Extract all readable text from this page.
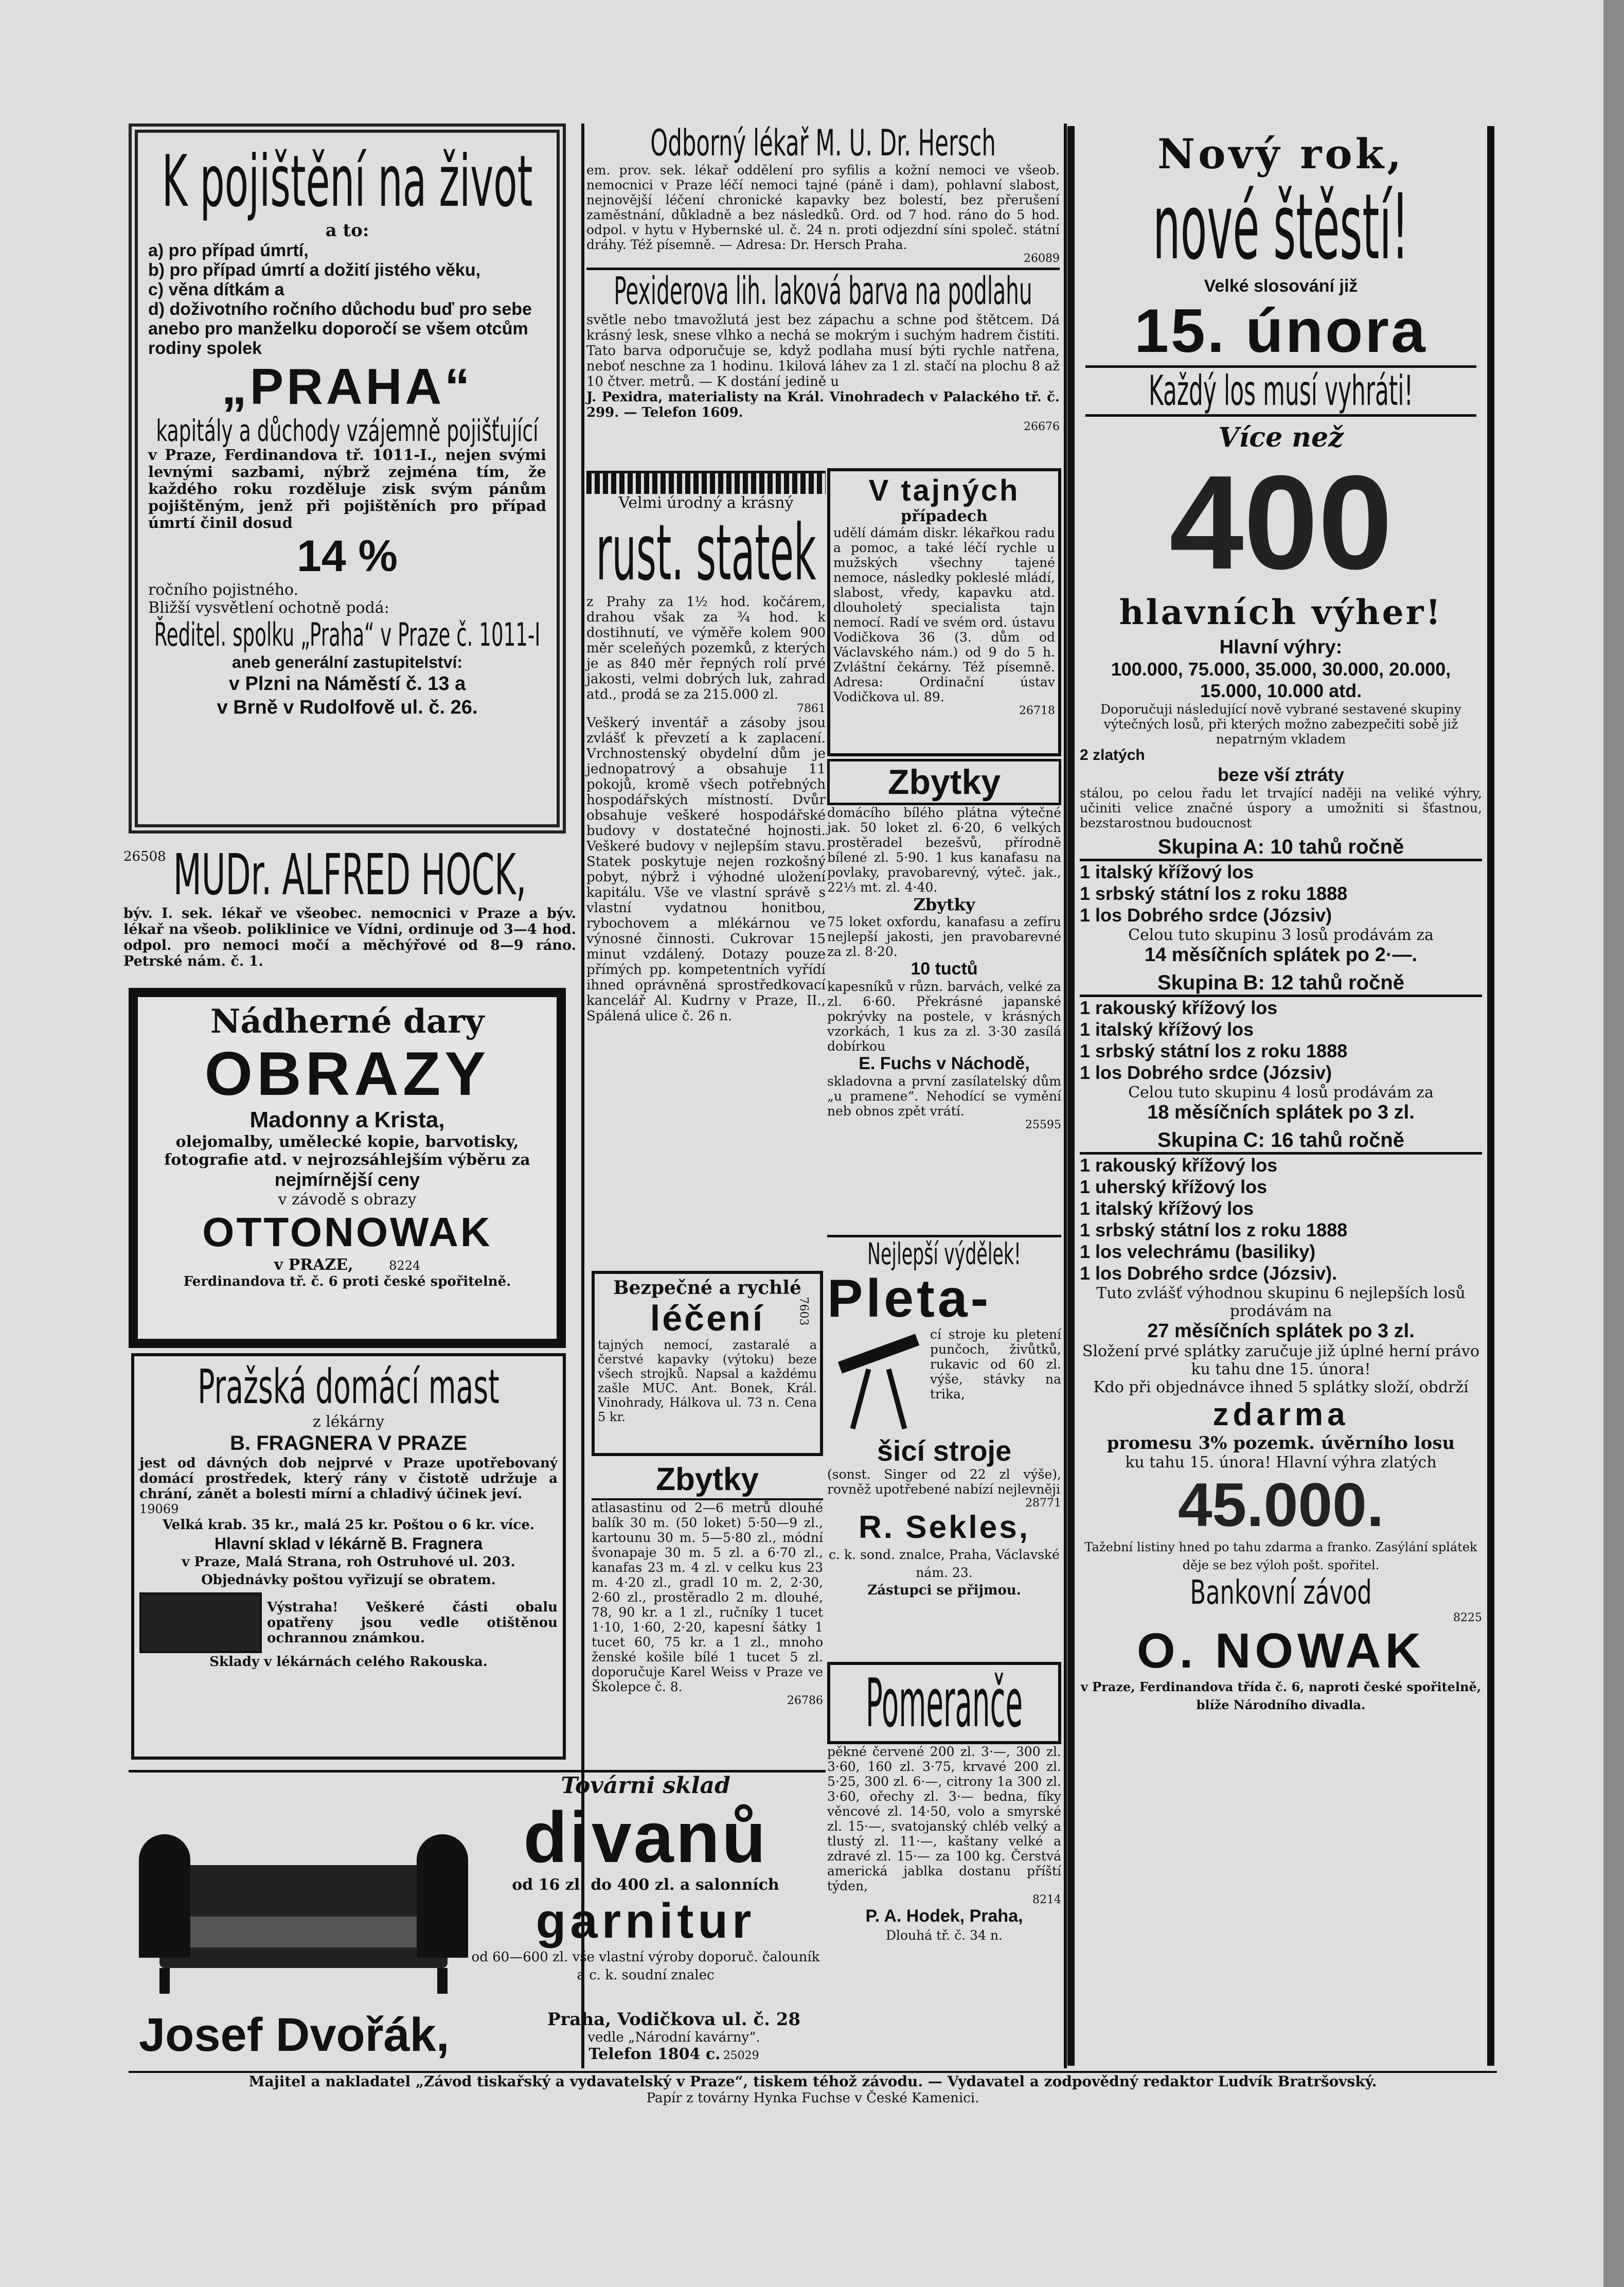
K pojištění na život
a to:
a) pro případ úmrtí,
b) pro případ úmrtí a dožití jistého věku,
c) věna dítkám a
d) doživotního ročního důchodu buď pro sebe anebo pro manželku doporočí se všem otcům rodiny spolek
„PRAHA“
kapitály a důchody vzájemně pojišťující
v Praze, Ferdinandova tř. 1011-I., nejen svými levnými sazbami, nýbrž zejména tím, že každého roku rozděluje zisk svým pánům pojištěným, jenž při pojištěních pro případ úmrtí činil dosud
14 %
ročního pojistného.
Bližší vysvětlení ochotně podá:
Ředitel. spolku „Praha“ v Praze č. 1011-I
aneb generální zastupitelství:
v Plzni na Náměstí č. 13 a
v Brně v Rudolfově ul. č. 26.
26508 MUDr. ALFRED HOCK,
býv. I. sek. lékař ve všeobec. nemocnici v Praze a býv. lékař na všeob. poliklinice ve Vídni, ordinuje od 3—4 hod. odpol. pro nemoci močí a měchýřové od 8—9 ráno. Petrské nám. č. 1.
Nádherné dary
OBRAZY
Madonny a Krista,
olejomalby, umělecké kopie, barvotisky, fotografie atd. v nejrozsáhlejším výběru za
nejmírnější ceny
v závodě s obrazy
OTTONOWAK
v PRAZE,	8224
Ferdinandova tř. č. 6 proti české spořitelně.
Pražská domácí mast
z lékárny
B. FRAGNERA V PRAZE
jest od dávných dob nejprvé v Praze upotřebovaný domácí prostředek, který rány v čistotě udržuje a chrání, zánět a bolesti mírní a chladivý účinek jeví.
19069
Velká krab. 35 kr., malá 25 kr. Poštou o 6 kr. více.
Hlavní sklad v lékárně B. Fragnera
v Praze, Malá Strana, roh Ostruhové ul. 203.
Objednávky poštou vyřizují se obratem.
Výstraha! Veškeré části obalu opatřeny jsou vedle otištěnou ochrannou známkou.
Sklady v lékárnách celého Rakouska.
Odborný lékař M. U. Dr. Hersch
em. prov. sek. lékař oddělení pro syfilis a kožní nemoci ve všeob. nemocnici v Praze léčí nemoci tajné (páně i dam), pohlavní slabost, nejnovější léčení chronické kapavky bez bolestí, bez přerušení zaměstnání, důkladně a bez následků. Ord. od 7 hod. ráno do 5 hod. odpol. v hytu v Hybernské ul. č. 24 n. proti odjezdní síni společ. státní dráhy. Též písemně. — Adresa: Dr. Hersch Praha.
26089
Pexiderova lih. laková barva na podlahu
světle nebo tmavožlutá jest bez zápachu a schne pod štětcem. Dá krásný lesk, snese vlhko a nechá se mokrým i suchým hadrem čistiti. Tato barva odporučuje se, když podlaha musí býti rychle natřena, neboť neschne za 1 hodinu. 1kilová láhev za 1 zl. stačí na plochu 8 až 10 čtver. metrů. — K dostání jedině u
J. Pexidra, materialisty na Král. Vinohradech v Palackého tř. č. 299. — Telefon 1609.
26676
Velmi úrodný a krásný
rust. statek
z Prahy za 1½ hod. kočárem, drahou však za ¾ hod. k dostihnutí, ve výměře kolem 900 měr sceleňých pozemků, z kterých je as 840 měr řepných rolí prvé jakosti, velmi dobrých luk, zahrad atd., prodá se za 215.000 zl.
7861
Veškerý inventář a zásoby jsou zvlášť k převzetí a k zaplacení. Vrchnostenský obydelní dům je jednopatrový a obsahuje 11 pokojů, kromě všech potřebných hospodářských místností. Dvůr obsahuje veškeré hospodářské budovy v dostatečné hojnosti. Veškeré budovy v nejlepším stavu. Statek poskytuje nejen rozkošný pobyt, nýbrž i výhodné uložení kapitálu. Vše ve vlastní správě s vlastní vydatnou honitbou, rybochovem a mlékárnou ve výnosné činnosti. Cukrovar 15 minut vzdálený. Dotazy pouze přímých pp. kompetentních vyřídí ihned oprávněná sprostředkovací kancelář Al. Kudrny v Praze, II., Spálená ulice č. 26 n.
V tajných
případech
udělí dámám diskr. lékařkou radu a pomoc, a také léčí rychle u mužských všechny tajené nemoce, následky pokleslé mládí, slabost, vředy, kapavku atd. dlouholetý specialista tajn nemocí. Radí ve svém ord. ústavu Vodičkova 36 (3. dům od Václavského nám.) od 9 do 5 h. Zvláštní čekárny. Též písemně. Adresa: Ordinační ústav Vodičkova ul. 89.
26718
Zbytky
domácího bílého plátna výtečné jak. 50 loket zl. 6·20, 6 velkých prostěradel bezešvů, přírodně bílené zl. 5·90. 1 kus kanafasu na povlaky, pravobarevný, výteč. jak., 22⅓ mt. zl. 4·40.
Zbytky
75 loket oxfordu, kanafasu a zefíru nejlepší jakosti, jen pravobarevné za zl. 8·20.
10 tuctů
kapesníků v různ. barvách, velké za zl. 6·60. Překrásné japanské pokrývky na postele, v krásných vzorkách, 1 kus za zl. 3·30 zasílá dobírkou
E. Fuchs v Náchodě,
skladovna a první zasílatelský dům „u pramene“. Nehodící se vymění neb obnos zpět vrátí.
25595
Nejlepší výdělek!
Pleta-
cí stroje ku pletení punčoch, živůtků, rukavic od 60 zl. výše, stávky na trika,
šicí stroje
(sonst. Singer od 22 zl výše), rovněž upotřebené nabízí nejlevněji
28771
R. Sekles,
c. k. sond. znalce, Praha, Václavské nám. 23.
Zástupci se přijmou.
Bezpečné a rychlé
léčení
tajných nemocí, zastaralé a čerstvé kapavky (výtoku) beze všech strojků. Napsal a každému zašle MUC. Ant. Bonek, Král. Vinohrady, Hálkova ul. 73 n. Cena 5 kr.
7603
Zbytky
atlasastinu od 2—6 metrů dlouhé balík 30 m. (50 loket) 5·50—9 zl., kartounu 30 m. 5—5·80 zl., módní švonapaje 30 m. 5 zl. a 6·70 zl., kanafas 23 m. 4 zl. v celku kus 23 m. 4·20 zl., gradl 10 m. 2, 2·30, 2·60 zl., prostěradlo 2 m. dlouhé, 78, 90 kr. a 1 zl., ručníky 1 tucet 1·10, 1·60, 2·20, kapesní šátky 1 tucet 60, 75 kr. a 1 zl., mnoho ženské košile bílé 1 tucet 5 zl. doporučuje Karel Weiss v Praze ve Školepce č. 8.
26786 Pomeranče
pěkné červené 200 zl. 3·—, 300 zl. 3·60, 160 zl. 3·75, krvavé 200 zl. 5·25, 300 zl. 6·—, citrony 1a 300 zl. 3·60, ořechy zl. 3·— bedna, fíky věncové zl. 14·50, volo a smyrské zl. 15·—, svatojanský chléb velký a tlustý zl. 11·—, kaštany velké a zdravé zl. 15·— za 100 kg. Čerstvá americká jablka dostanu příští týden,
8214
P. A. Hodek, Praha,
Dlouhá tř. č. 34 n.
Nový rok,
nové štěstí!
Velké slosování již
15. února
Každý los musí vyhráti!
Více než
400
hlavních výher!
Hlavní výhry:
100.000, 75.000, 35.000, 30.000, 20.000, 15.000, 10.000 atd.
Doporučuji následující nově vybrané sestavené skupiny výtečných losů, při kterých možno zabezpečiti sobě již nepatrným vkladem
2 zlatých
beze vší ztráty
stálou, po celou řadu let trvající naději na veliké výhry, učiniti velice značné úspory a umožniti si šťastnou, bezstarostnou budoucnost
Skupina A: 10 tahů ročně
1 italský křížový los
1 srbský státní los z roku 1888
1 los Dobrého srdce (Józsiv)
Celou tuto skupinu 3 losů prodávám za
14 měsíčních splátek po 2·—.
Skupina B: 12 tahů ročně
1 rakouský křížový los
1 italský křížový los
1 srbský státní los z roku 1888
1 los Dobrého srdce (Józsiv)
Celou tuto skupinu 4 losů prodávám za
18 měsíčních splátek po 3 zl.
Skupina C: 16 tahů ročně
1 rakouský křížový los
1 uherský křížový los
1 italský křížový los
1 srbský státní los z roku 1888
1 los velechrámu (basiliky)
1 los Dobrého srdce (Józsiv).
Tuto zvlášť výhodnou skupinu 6 nejlepších losů prodávám na
27 měsíčních splátek po 3 zl.
Složení prvé splátky zaručuje již úplné herní právo ku tahu dne 15. února!
Kdo při objednávce ihned 5 splátky složí, obdrží
zdarma
promesu 3% pozemk. úvěrního losu
ku tahu 15. února! Hlavní výhra zlatých
45.000.
Tažební listiny hned po tahu zdarma a franko. Zasýlání splátek děje se bez výloh pošt. spořitel.
Bankovní závod
8225
O. NOWAK
v Praze, Ferdinandova třída č. 6, naproti české spořitelně, blíže Národního divadla.
Továrni sklad
divanů
od 16 zl. do 400 zl. a salonních
garnitur
od 60—600 zl. vše vlastní výroby doporuč. čalouník a c. k. soudní znalec
Josef Dvořák,	Praha, Vodičkova ul. č. 28
vedle „Národní kavárny“.
Telefon 1804 c. 25029
Majitel a nakladatel „Závod tiskařský a vydavatelský v Praze“, tiskem téhož závodu. — Vydavatel a zodpovědný redaktor Ludvík Bratršovský.
Papír z továrny Hynka Fuchse v České Kamenici.
